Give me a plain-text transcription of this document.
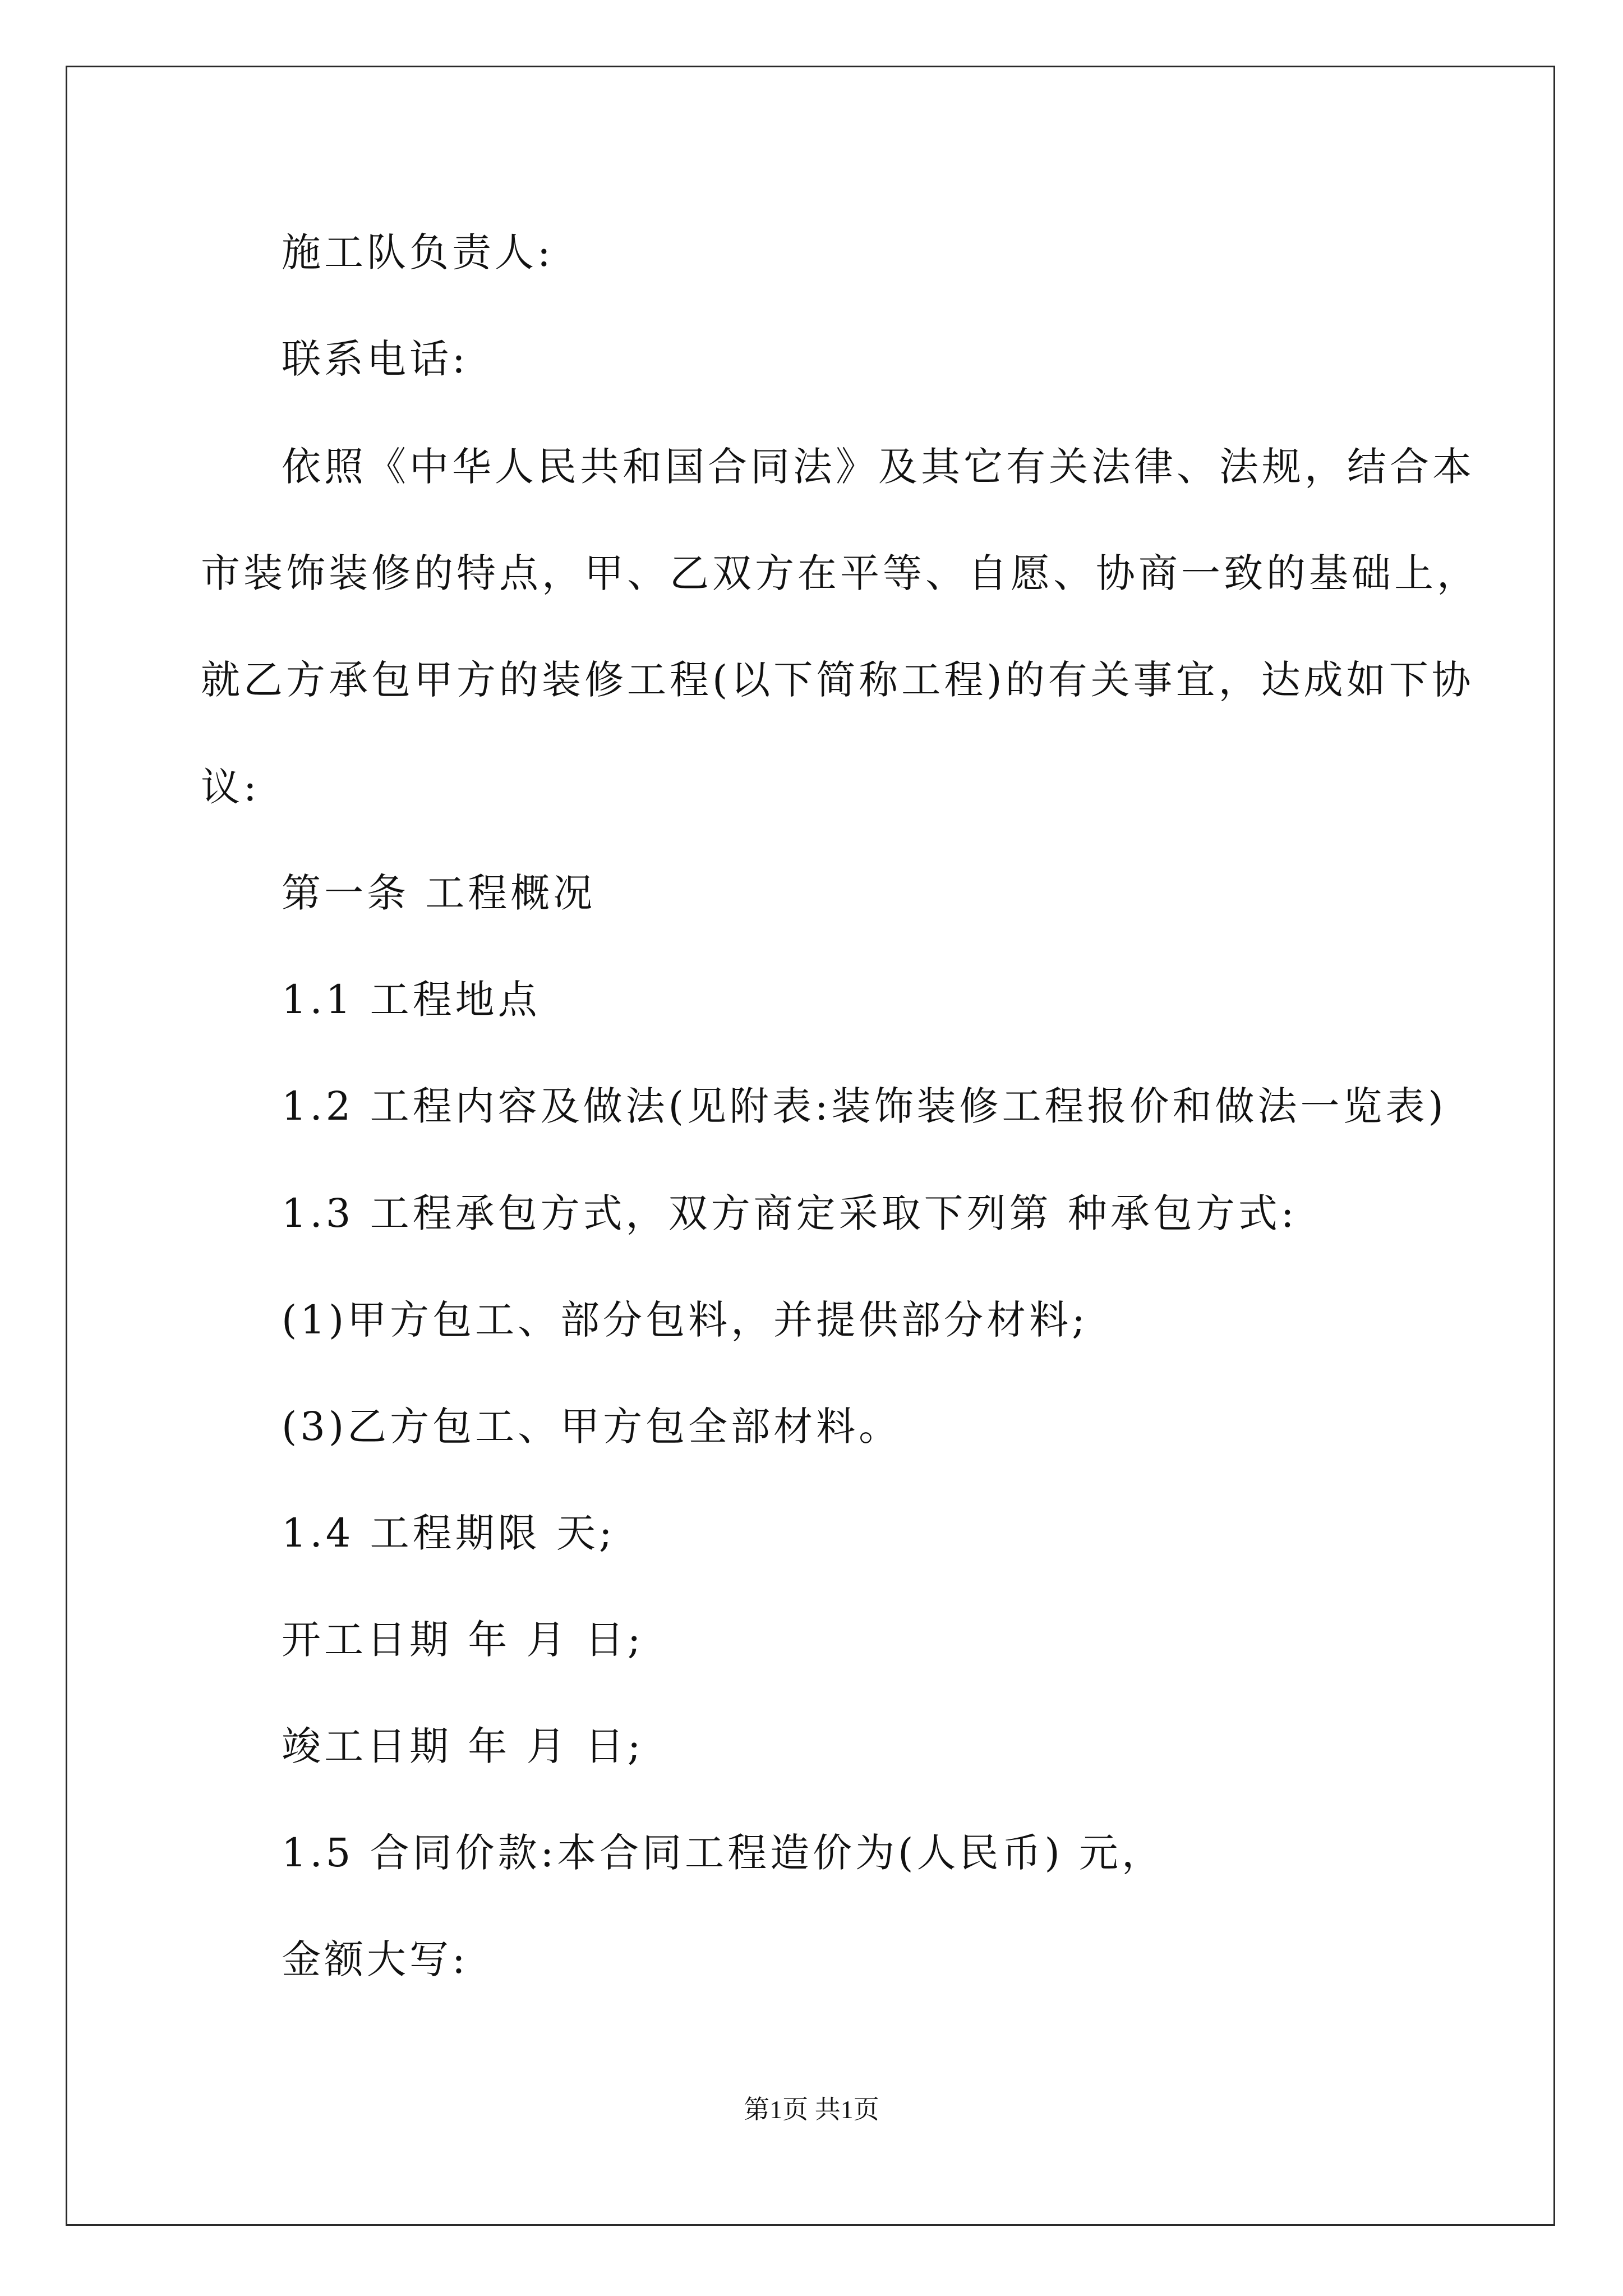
施工队负责人:
联系电话:
依照《中华人民共和国合同法》及其它有关法律、法规，结合本
市装饰装修的特点，甲、乙双方在平等、自愿、协商一致的基础上，
就乙方承包甲方的装修工程(以下简称工程)的有关事宜，达成如下协
议:
第一条 工程概况
1.1 工程地点
1.2 工程内容及做法(见附表:装饰装修工程报价和做法一览表)
1.3 工程承包方式，双方商定采取下列第 种承包方式:
(1)甲方包工、部分包料，并提供部分材料;
(3)乙方包工、甲方包全部材料。
1.4 工程期限 天;
开工日期 年 月 日;
竣工日期 年 月 日;
1.5 合同价款:本合同工程造价为(人民币) 元，
金额大写:
第1页 共1页
